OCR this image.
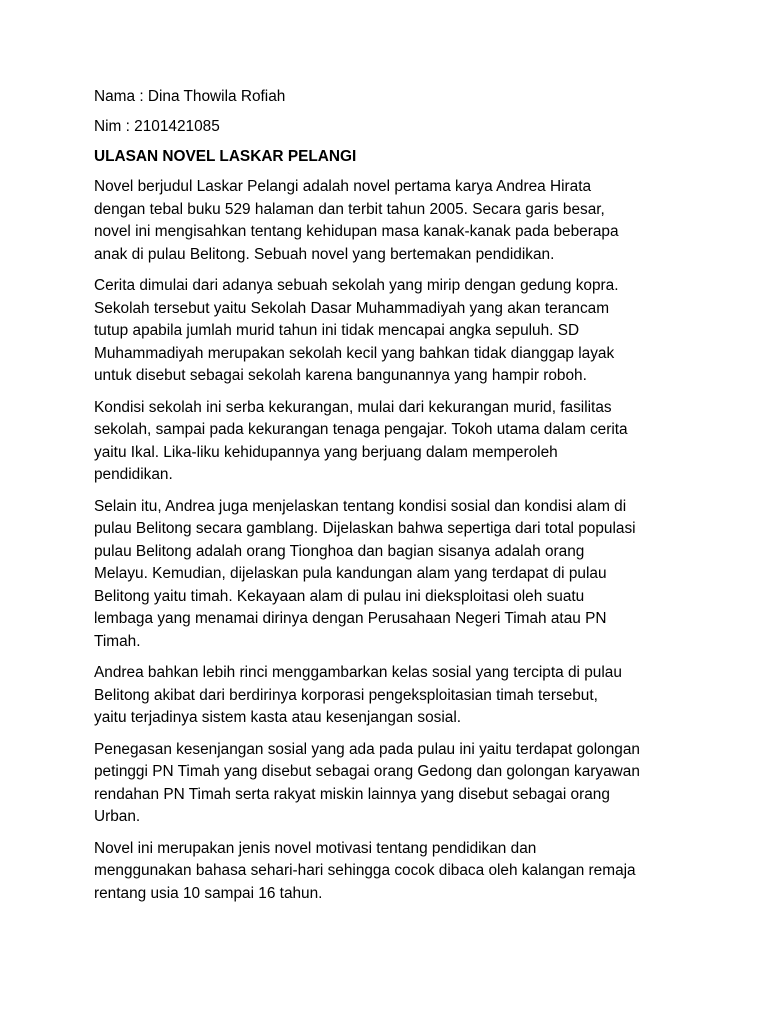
Nama : Dina Thowila Rofiah
Nim : 2101421085
ULASAN NOVEL LASKAR PELANGI
Novel berjudul Laskar Pelangi adalah novel pertama karya Andrea Hirata
dengan tebal buku 529 halaman dan terbit tahun 2005. Secara garis besar,
novel ini mengisahkan tentang kehidupan masa kanak-kanak pada beberapa
anak di pulau Belitong. Sebuah novel yang bertemakan pendidikan.
Cerita dimulai dari adanya sebuah sekolah yang mirip dengan gedung kopra.
Sekolah tersebut yaitu Sekolah Dasar Muhammadiyah yang akan terancam
tutup apabila jumlah murid tahun ini tidak mencapai angka sepuluh. SD
Muhammadiyah merupakan sekolah kecil yang bahkan tidak dianggap layak
untuk disebut sebagai sekolah karena bangunannya yang hampir roboh.
Kondisi sekolah ini serba kekurangan, mulai dari kekurangan murid, fasilitas
sekolah, sampai pada kekurangan tenaga pengajar. Tokoh utama dalam cerita
yaitu Ikal. Lika-liku kehidupannya yang berjuang dalam memperoleh
pendidikan.
Selain itu, Andrea juga menjelaskan tentang kondisi sosial dan kondisi alam di
pulau Belitong secara gamblang. Dijelaskan bahwa sepertiga dari total populasi
pulau Belitong adalah orang Tionghoa dan bagian sisanya adalah orang
Melayu. Kemudian, dijelaskan pula kandungan alam yang terdapat di pulau
Belitong yaitu timah. Kekayaan alam di pulau ini dieksploitasi oleh suatu
lembaga yang menamai dirinya dengan Perusahaan Negeri Timah atau PN
Timah.
Andrea bahkan lebih rinci menggambarkan kelas sosial yang tercipta di pulau
Belitong akibat dari berdirinya korporasi pengeksploitasian timah tersebut,
yaitu terjadinya sistem kasta atau kesenjangan sosial.
Penegasan kesenjangan sosial yang ada pada pulau ini yaitu terdapat golongan
petinggi PN Timah yang disebut sebagai orang Gedong dan golongan karyawan
rendahan PN Timah serta rakyat miskin lainnya yang disebut sebagai orang
Urban.
Novel ini merupakan jenis novel motivasi tentang pendidikan dan
menggunakan bahasa sehari-hari sehingga cocok dibaca oleh kalangan remaja
rentang usia 10 sampai 16 tahun.
